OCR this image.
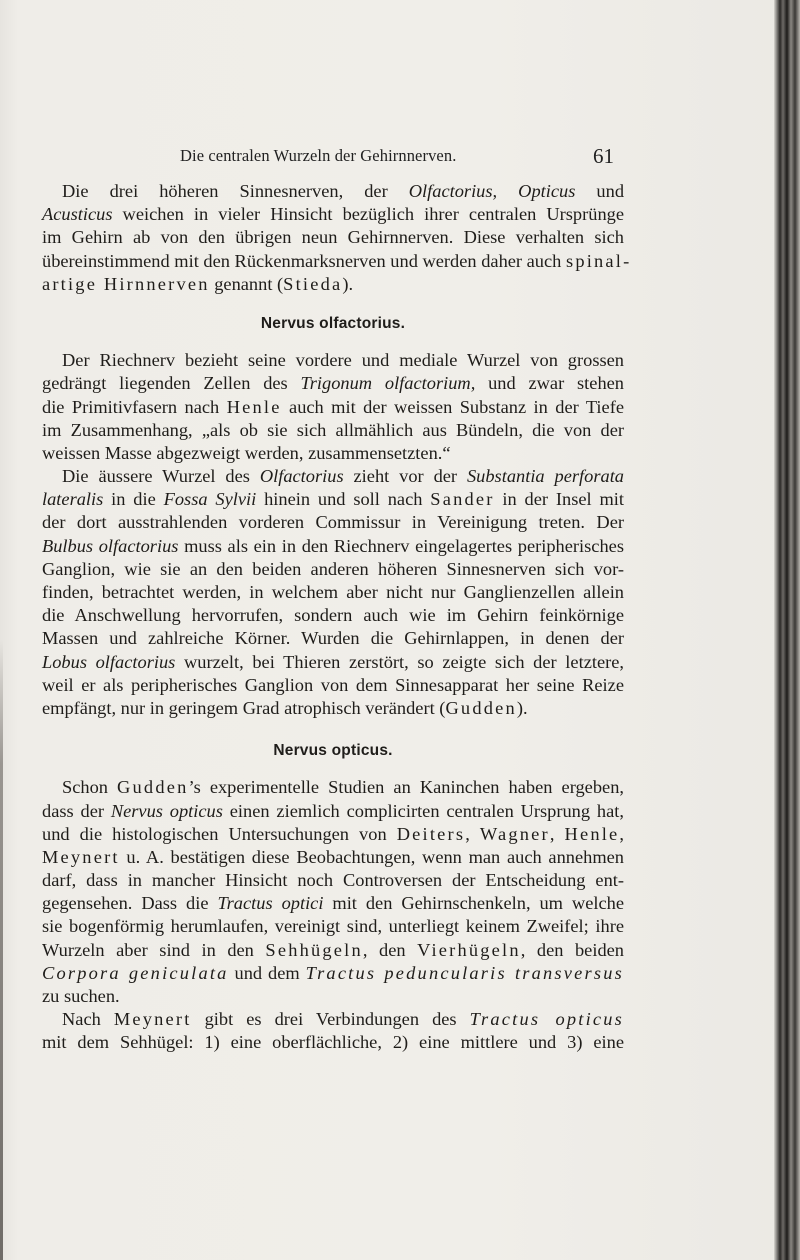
Die centralen Wurzeln der Gehirnnerven.	61
Die drei höheren Sinnesnerven, der Olfactorius, Opticus und
Acusticus weichen in vieler Hinsicht bezüglich ihrer centralen Ursprünge
im Gehirn ab von den übrigen neun Gehirnnerven. Diese verhalten sich
übereinstimmend mit den Rückenmarksnerven und werden daher auch spinal-
artige Hirnnerven genannt (Stieda).
Nervus olfactorius.
Der Riechnerv bezieht seine vordere und mediale Wurzel von grossen
gedrängt liegenden Zellen des Trigonum olfactorium, und zwar stehen
die Primitivfasern nach Henle auch mit der weissen Substanz in der Tiefe
im Zusammenhang, „als ob sie sich allmählich aus Bündeln, die von der
weissen Masse abgezweigt werden, zusammensetzten.“
Die äussere Wurzel des Olfactorius zieht vor der Substantia perforata
lateralis in die Fossa Sylvii hinein und soll nach Sander in der Insel mit
der dort ausstrahlenden vorderen Commissur in Vereinigung treten. Der
Bulbus olfactorius muss als ein in den Riechnerv eingelagertes peripherisches
Ganglion, wie sie an den beiden anderen höheren Sinnesnerven sich vor-
finden, betrachtet werden, in welchem aber nicht nur Ganglienzellen allein
die Anschwellung hervorrufen, sondern auch wie im Gehirn feinkörnige
Massen und zahlreiche Körner. Wurden die Gehirnlappen, in denen der
Lobus olfactorius wurzelt, bei Thieren zerstört, so zeigte sich der letztere,
weil er als peripherisches Ganglion von dem Sinnesapparat her seine Reize
empfängt, nur in geringem Grad atrophisch verändert (Gudden).
Nervus opticus.
Schon Gudden’s experimentelle Studien an Kaninchen haben ergeben,
dass der Nervus opticus einen ziemlich complicirten centralen Ursprung hat,
und die histologischen Untersuchungen von Deiters, Wagner, Henle,
Meynert u. A. bestätigen diese Beobachtungen, wenn man auch annehmen
darf, dass in mancher Hinsicht noch Controversen der Entscheidung ent-
gegensehen. Dass die Tractus optici mit den Gehirnschenkeln, um welche
sie bogenförmig herumlaufen, vereinigt sind, unterliegt keinem Zweifel; ihre
Wurzeln aber sind in den Sehhügeln, den Vierhügeln, den beiden
Corpora geniculata und dem Tractus peduncularis transversus
zu suchen.
Nach Meynert gibt es drei Verbindungen des Tractus opticus
mit dem Sehhügel: 1) eine oberflächliche, 2) eine mittlere und 3) eine
